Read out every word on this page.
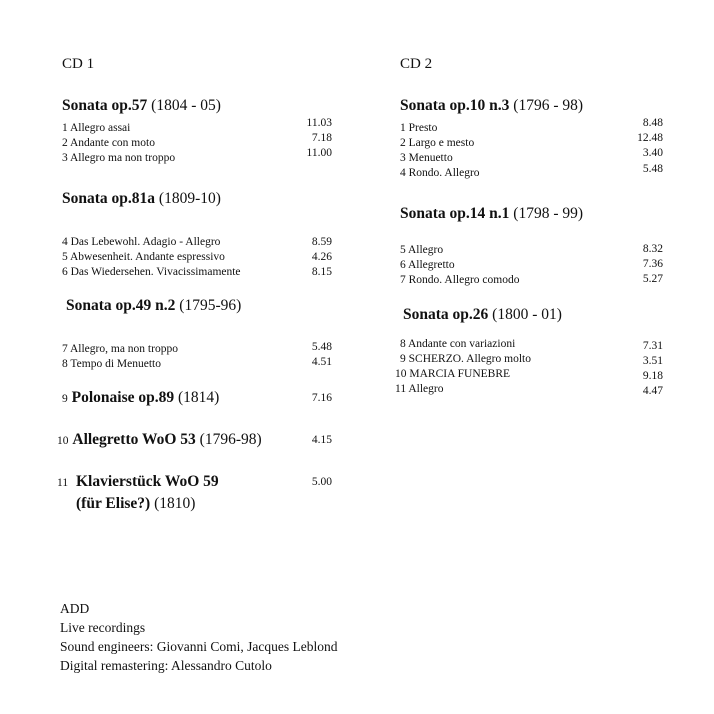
CD 1
Sonata op.57 (1804 - 05)
1 Allegro assai
2 Andante con moto
3 Allegro ma non troppo
11.03
7.18
11.00
Sonata op.81a (1809-10)
4 Das Lebewohl. Adagio - Allegro
5 Abwesenheit. Andante espressivo
6 Das Wiedersehen. Vivacissimamente
8.59
4.26
8.15
Sonata op.49 n.2 (1795-96)
7 Allegro, ma non troppo
8 Tempo di Menuetto
5.48
4.51
9 Polonaise op.89 (1814)	7.16
10 Allegretto WoO 53 (1796-98)	4.15
11 Klavierstück WoO 59
(für Elise?) (1810)
5.00
CD 2
Sonata op.10 n.3 (1796 - 98)
1 Presto
2 Largo e mesto
3 Menuetto
4 Rondo. Allegro
8.48
12.48
3.40
5.48
Sonata op.14 n.1 (1798 - 99)
5 Allegro
6 Allegretto
7 Rondo. Allegro comodo
8.32
7.36
5.27
Sonata op.26 (1800 - 01)
8 Andante con variazioni
9 SCHERZO. Allegro molto
10 MARCIA FUNEBRE
11 Allegro
7.31
3.51
9.18
4.47
ADD
Live recordings
Sound engineers: Giovanni Comi, Jacques Leblond
Digital remastering: Alessandro Cutolo
